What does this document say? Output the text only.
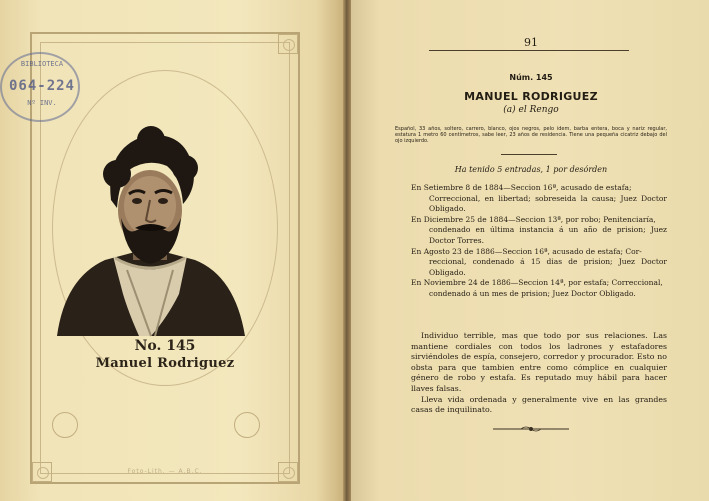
BIBLIOTECA
064-224
Nº INV.
No. 145
Manuel Rodriguez
Foto-Lith. — A.B.C.
91
Núm. 145
MANUEL RODRIGUEZ
(a) el Rengo
Español, 33 años, soltero, carrero, blanco, ojos negros, pelo idem, barba entera, boca y nariz regular, estatura 1 metro 60 centímetros, sabe leer, 23 años de residencia. Tiene una pequeña cicatriz debajo del ojo izquierdo.
Ha tenido 5 entradas, 1 por desórden
En Setiembre 8 de 1884—Seccion 16ª, acusado de estafa;
Correccional, en libertad; sobreseida la causa; Juez Doctor Obligado.
En Diciembre 25 de 1884—Seccion 13ª, por robo; Penitenciaría,
condenado en última instancia á un año de prision; Juez Doctor Torres.
En Agosto 23 de 1886—Seccion 16ª, acusado de estafa; Cor-
reccional, condenado á 15 dias de prision; Juez Doctor Obligado.
En Noviembre 24 de 1886—Seccion 14ª, por estafa; Correccional,
condenado á un mes de prision; Juez Doctor Obligado.

Individuo terrible, mas que todo por sus relaciones. Las mantiene cordiales con todos los ladrones y estafadores sirviéndoles de espía, consejero, corredor y procurador. Esto no obsta para que tambien entre como cómplice en cualquier género de robo y estafa. Es reputado muy hábil para hacer llaves falsas.

Lleva vida ordenada y generalmente vive en las grandes casas de inquilinato.
